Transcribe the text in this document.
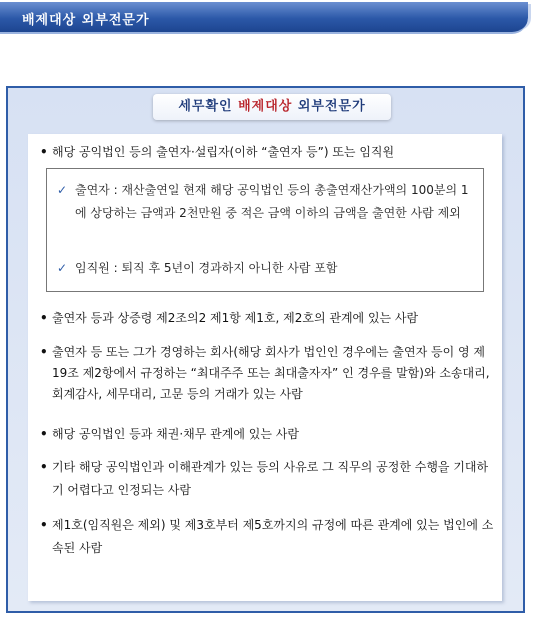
배제대상 외부전문가
세무확인 배제대상 외부전문가
• 해당 공익법인 등의 출연자·설립자(이하 “출연자 등”) 또는 임직원
✓ 출연자 : 재산출연일 현재 해당 공익법인 등의 총출연재산가액의 100분의 1에 상당하는 금액과 2천만원 중 적은 금액 이하의 금액을 출연한 사람 제외
✓ 임직원 : 퇴직 후 5년이 경과하지 아니한 사람 포함
• 출연자 등과 상증령 제2조의2 제1항 제1호, 제2호의 관계에 있는 사람
• 출연자 등 또는 그가 경영하는 회사(해당 회사가 법인인 경우에는 출연자 등이 영 제19조 제2항에서 규정하는 “최대주주 또는 최대출자자” 인 경우를 말함)와 소송대리, 회계감사, 세무대리, 고문 등의 거래가 있는 사람
• 해당 공익법인 등과 채권·채무 관계에 있는 사람
• 기타 해당 공익법인과 이해관계가 있는 등의 사유로 그 직무의 공정한 수행을 기대하기 어렵다고 인정되는 사람
• 제1호(임직원은 제외) 및 제3호부터 제5호까지의 규정에 따른 관계에 있는 법인에 소속된 사람
